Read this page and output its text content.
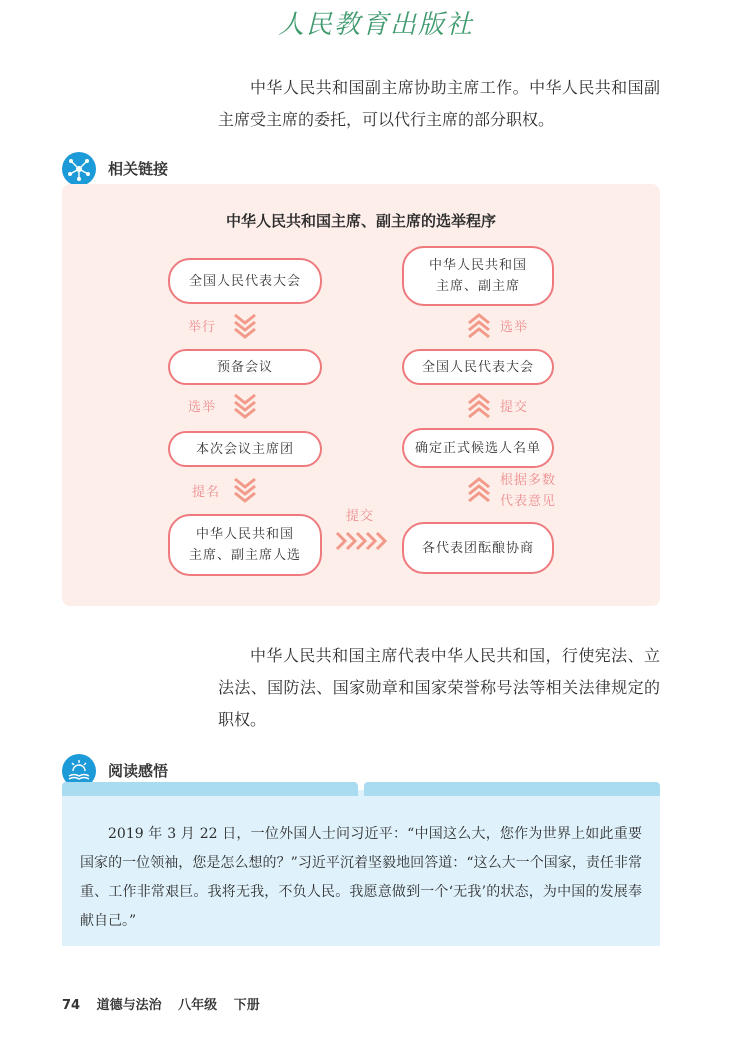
人民教育出版社

中华人民共和国副主席协助主席工作。中华人民共和国副主席受主席的委托，可以代行主席的部分职权。

相关链接
中华人民共和国主席、副主席的选举程序
全国人民代表大会
预备会议
本次会议主席团
中华人民共和国
主席、副主席人选
中华人民共和国
主席、副主席
全国人民代表大会
确定正式候选人名单
各代表团酝酿协商
举行
选举
提名
选举
提交
根据多数
代表意见
提交

中华人民共和国主席代表中华人民共和国，行使宪法、立法法、国防法、国家勋章和国家荣誉称号法等相关法律规定的职权。

阅读感悟

2019 年 3 月 22 日，一位外国人士问习近平：“中国这么大，您作为世界上如此重要国家的一位领袖，您是怎么想的？”习近平沉着坚毅地回答道：“这么大一个国家，责任非常重、工作非常艰巨。我将无我，不负人民。我愿意做到一个‘无我’的状态，为中国的发展奉献自己。”

74 道德与法治 八年级 下册
